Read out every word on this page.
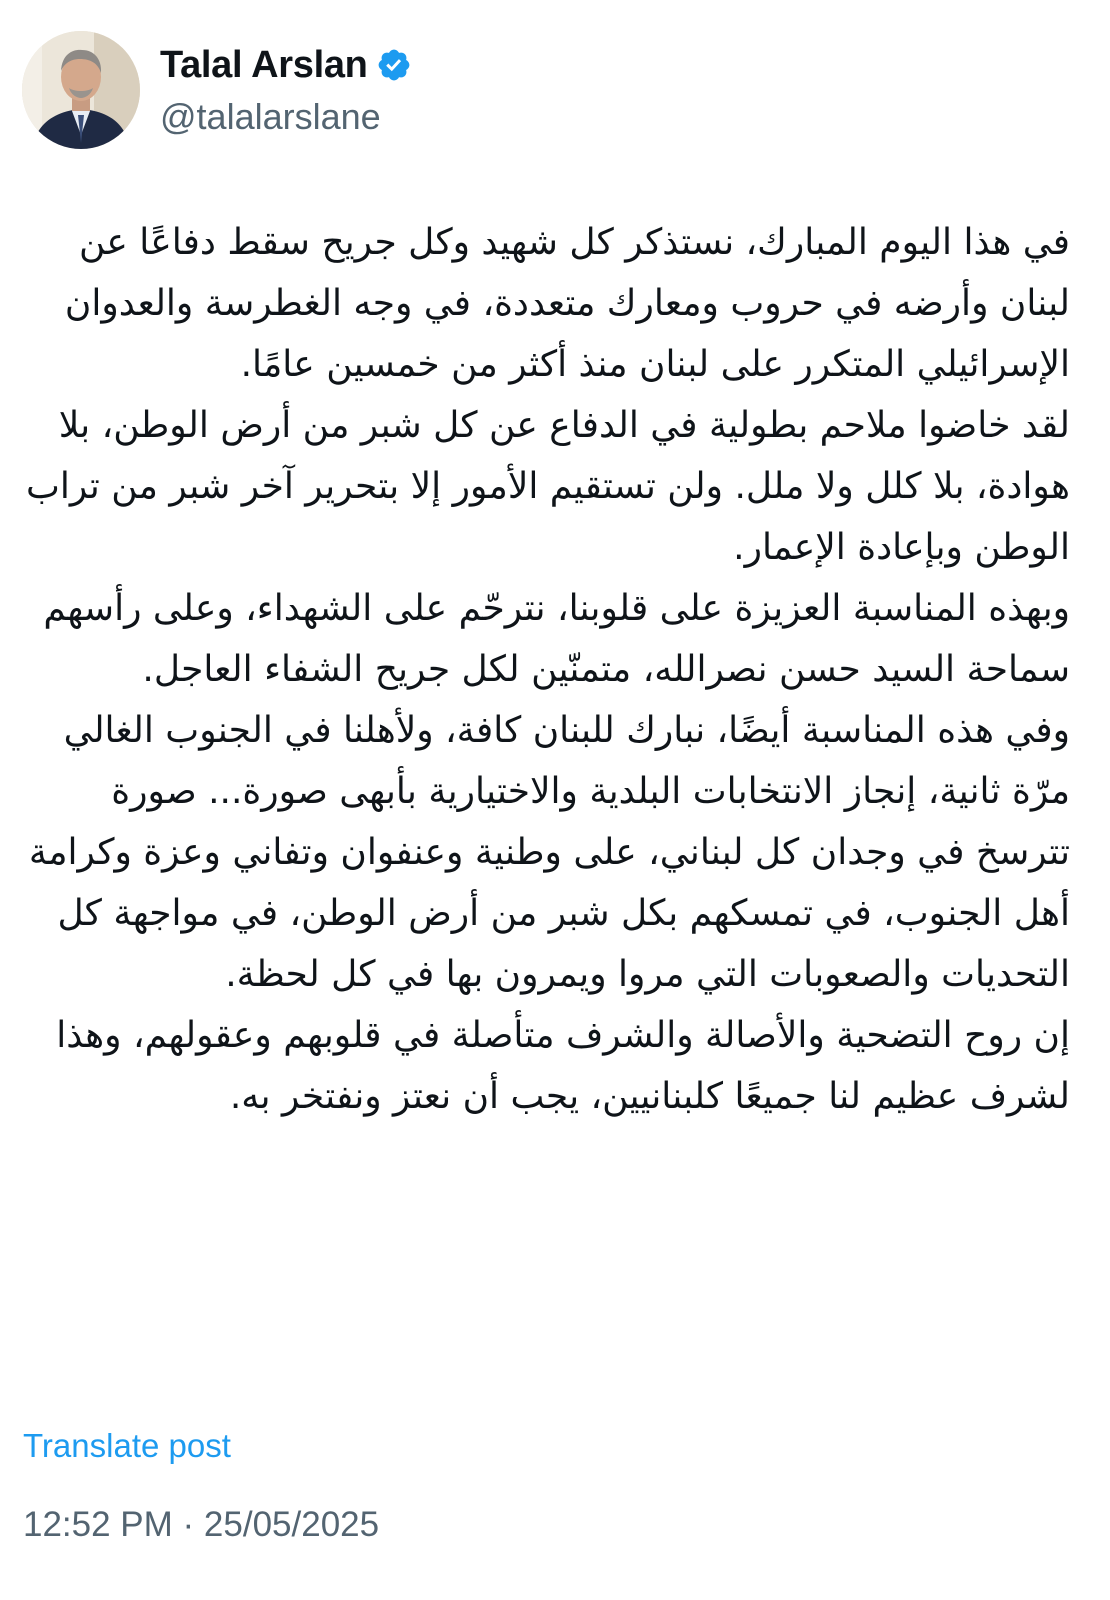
Talal Arslan
@talalarslane

في هذا اليوم المبارك، نستذكر كل شهيد وكل جريح سقط دفاعًا عن لبنان وأرضه في حروب ومعارك متعددة، في وجه الغطرسة والعدوان الإسرائيلي المتكرر على لبنان منذ أكثر من خمسين عامًا.

لقد خاضوا ملاحم بطولية في الدفاع عن كل شبر من أرض الوطن، بلا هوادة، بلا كلل ولا ملل. ولن تستقيم الأمور إلا بتحرير آخر شبر من تراب الوطن وبإعادة الإعمار.

وبهذه المناسبة العزيزة على قلوبنا، نترحّم على الشهداء، وعلى رأسهم سماحة السيد حسن نصرالله، متمنّين لكل جريح الشفاء العاجل.

وفي هذه المناسبة أيضًا، نبارك للبنان كافة، ولأهلنا في الجنوب الغالي مرّة ثانية، إنجاز الانتخابات البلدية والاختيارية بأبهى صورة... صورة تترسخ في وجدان كل لبناني، على وطنية وعنفوان وتفاني وعزة وكرامة أهل الجنوب، في تمسكهم بكل شبر من أرض الوطن، في مواجهة كل التحديات والصعوبات التي مروا ويمرون بها في كل لحظة.

إن روح التضحية والأصالة والشرف متأصلة في قلوبهم وعقولهم، وهذا لشرف عظيم لنا جميعًا كلبنانيين، يجب أن نعتز ونفتخر به.

Translate post
12:52 PM · 25/05/2025
